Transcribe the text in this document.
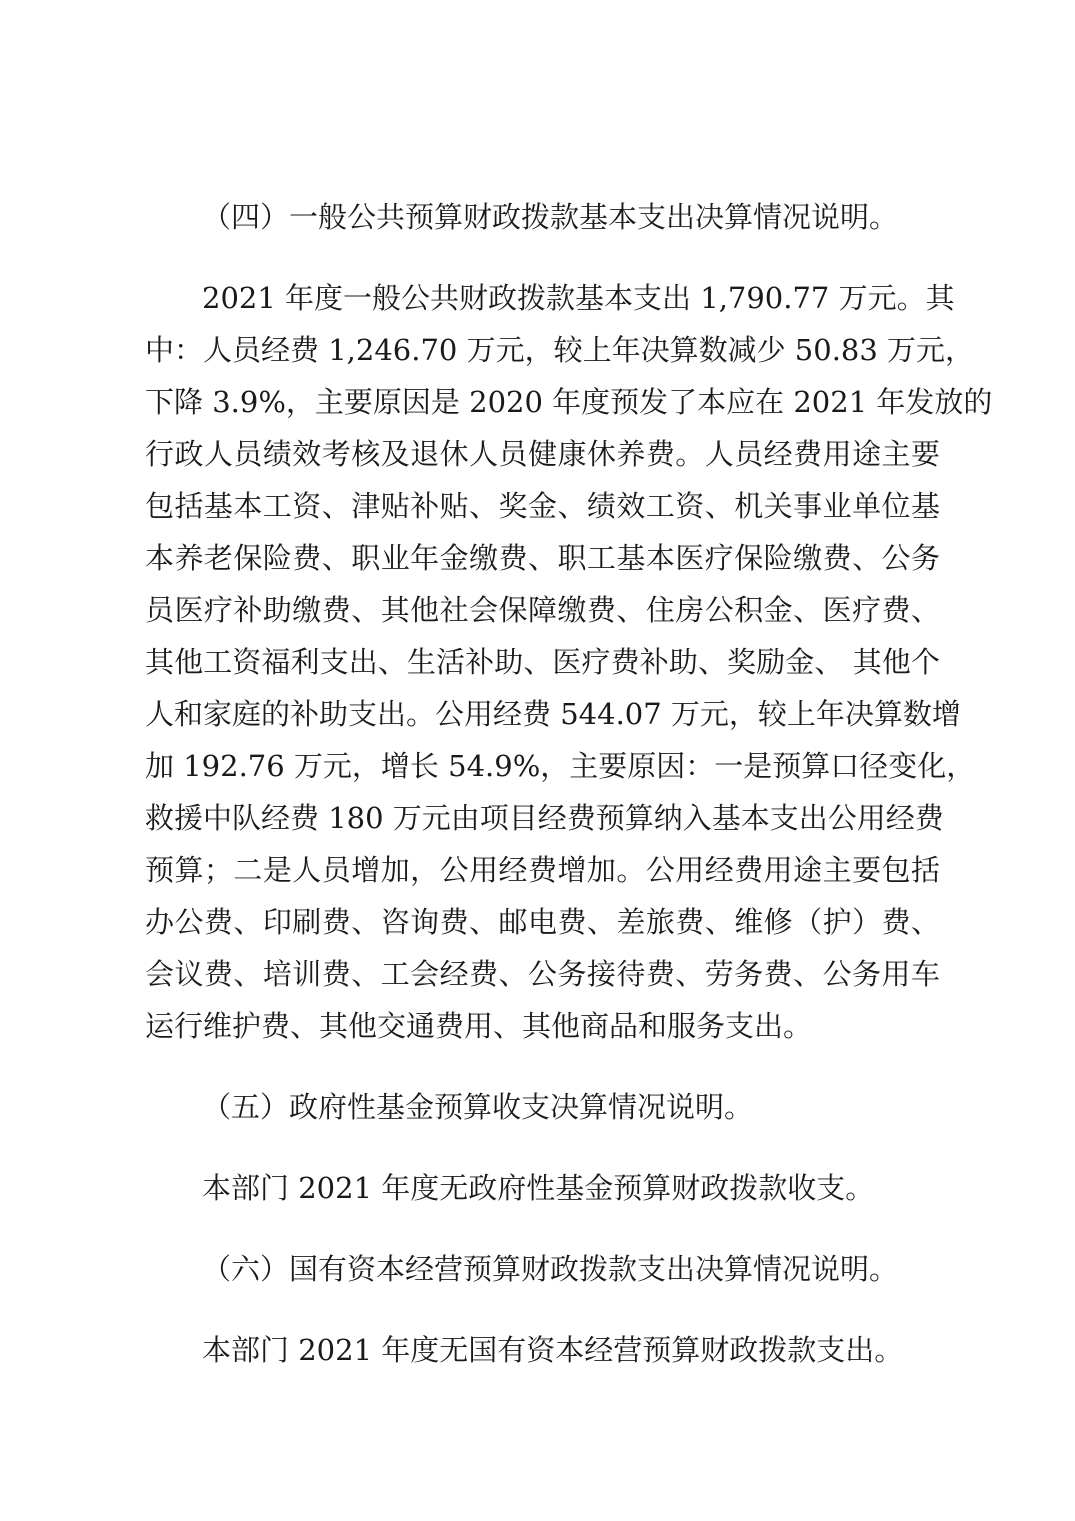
（四）一般公共预算财政拨款基本支出决算情况说明。
2021 年度一般公共财政拨款基本支出 1,790.77 万元。其
中：人员经费 1,246.70 万元，较上年决算数减少 50.83 万元，
下降 3.9%，主要原因是 2020 年度预发了本应在 2021 年发放的
行政人员绩效考核及退休人员健康休养费。人员经费用途主要
包括基本工资、津贴补贴、奖金、绩效工资、机关事业单位基
本养老保险费、职业年金缴费、职工基本医疗保险缴费、公务
员医疗补助缴费、其他社会保障缴费、住房公积金、医疗费、
其他工资福利支出、生活补助、医疗费补助、奖励金、 其他个
人和家庭的补助支出。公用经费 544.07 万元，较上年决算数增
加 192.76 万元，增长 54.9%，主要原因：一是预算口径变化，
救援中队经费 180 万元由项目经费预算纳入基本支出公用经费
预算；二是人员增加，公用经费增加。公用经费用途主要包括
办公费、印刷费、咨询费、邮电费、差旅费、维修（护）费、
会议费、培训费、工会经费、公务接待费、劳务费、公务用车
运行维护费、其他交通费用、其他商品和服务支出。
（五）政府性基金预算收支决算情况说明。
本部门 2021 年度无政府性基金预算财政拨款收支。
（六）国有资本经营预算财政拨款支出决算情况说明。
本部门 2021 年度无国有资本经营预算财政拨款支出。
